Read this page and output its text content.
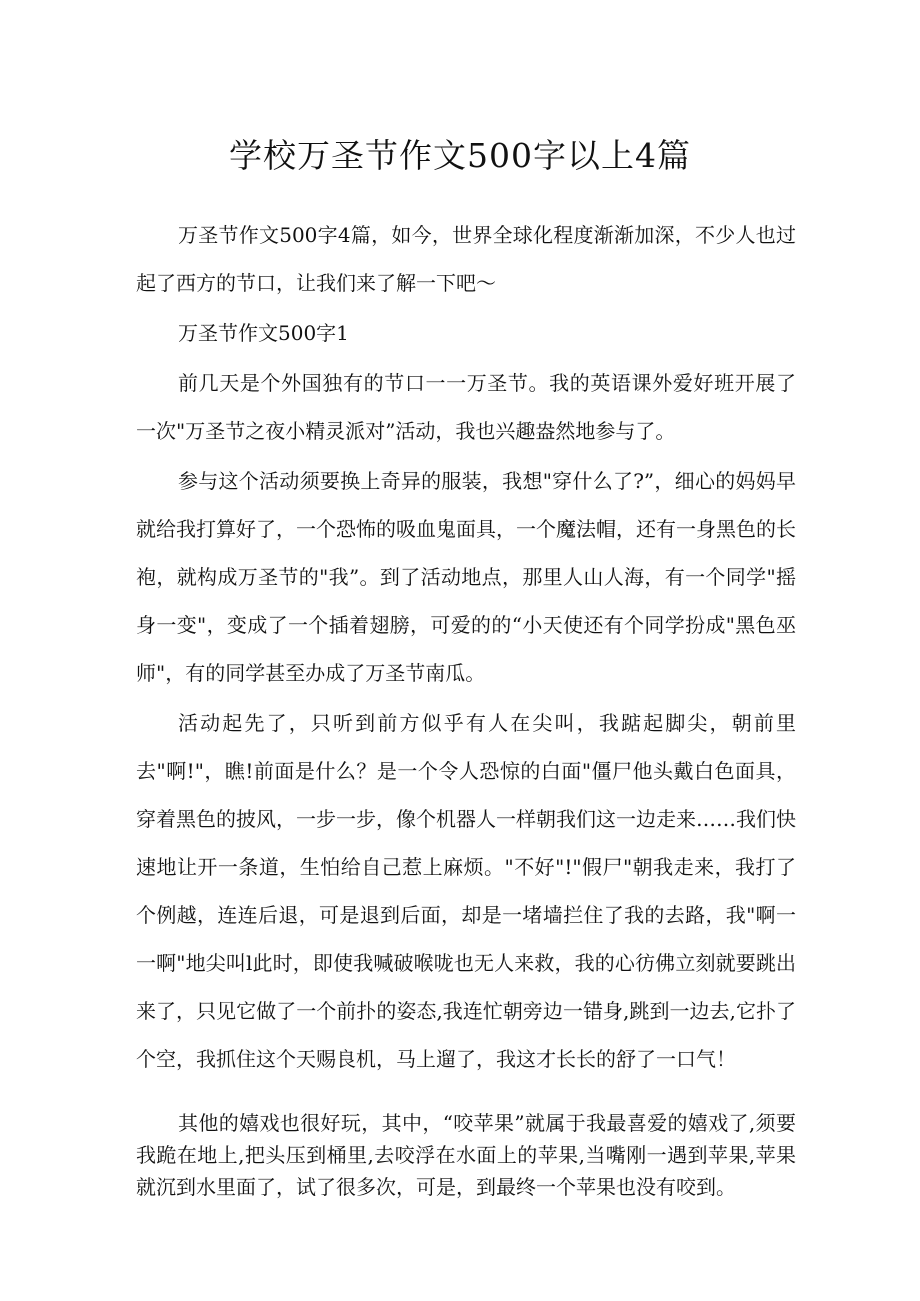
学校万圣节作文500字以上4篇

万圣节作文500字4篇，如今，世界全球化程度渐渐加深，不少人也过起了西方的节口，让我们来了解一下吧～

万圣节作文500字1

前几天是个外国独有的节口一一万圣节。我的英语课外爱好班开展了一次"万圣节之夜小精灵派对”活动，我也兴趣盎然地参与了。

参与这个活动须要换上奇异的服装，我想"穿什么了?”，细心的妈妈早就给我打算好了，一个恐怖的吸血鬼面具，一个魔法帽，还有一身黑色的长袍，就构成万圣节的"我”。到了活动地点，那里人山人海，有一个同学"摇身一变"，变成了一个插着翅膀，可爱的的“小天使还有个同学扮成"黑色巫师"，有的同学甚至办成了万圣节南瓜。

活动起先了，只听到前方似乎有人在尖叫，我踮起脚尖，朝前里去"啊!"，瞧!前面是什么？是一个令人恐惊的白面"僵尸他头戴白色面具，穿着黑色的披风，一步一步，像个机器人一样朝我们这一边走来……我们快速地让开一条道，生怕给自己惹上麻烦。"不好"!"假尸"朝我走来，我打了个例越，连连后退，可是退到后面，却是一堵墙拦住了我的去路，我"啊一一啊"地尖叫l此时，即使我喊破喉咙也无人来救，我的心彷佛立刻就要跳出来了，只见它做了一个前扑的姿态,我连忙朝旁边一错身,跳到一边去,它扑了个空，我抓住这个天赐良机，马上遛了，我这才长长的舒了一口气！

其他的嬉戏也很好玩，其中，“咬苹果”就属于我最喜爱的嬉戏了,须要我跪在地上,把头压到桶里,去咬浮在水面上的苹果,当嘴刚一遇到苹果,苹果就沉到水里面了，试了很多次，可是，到最终一个苹果也没有咬到。
